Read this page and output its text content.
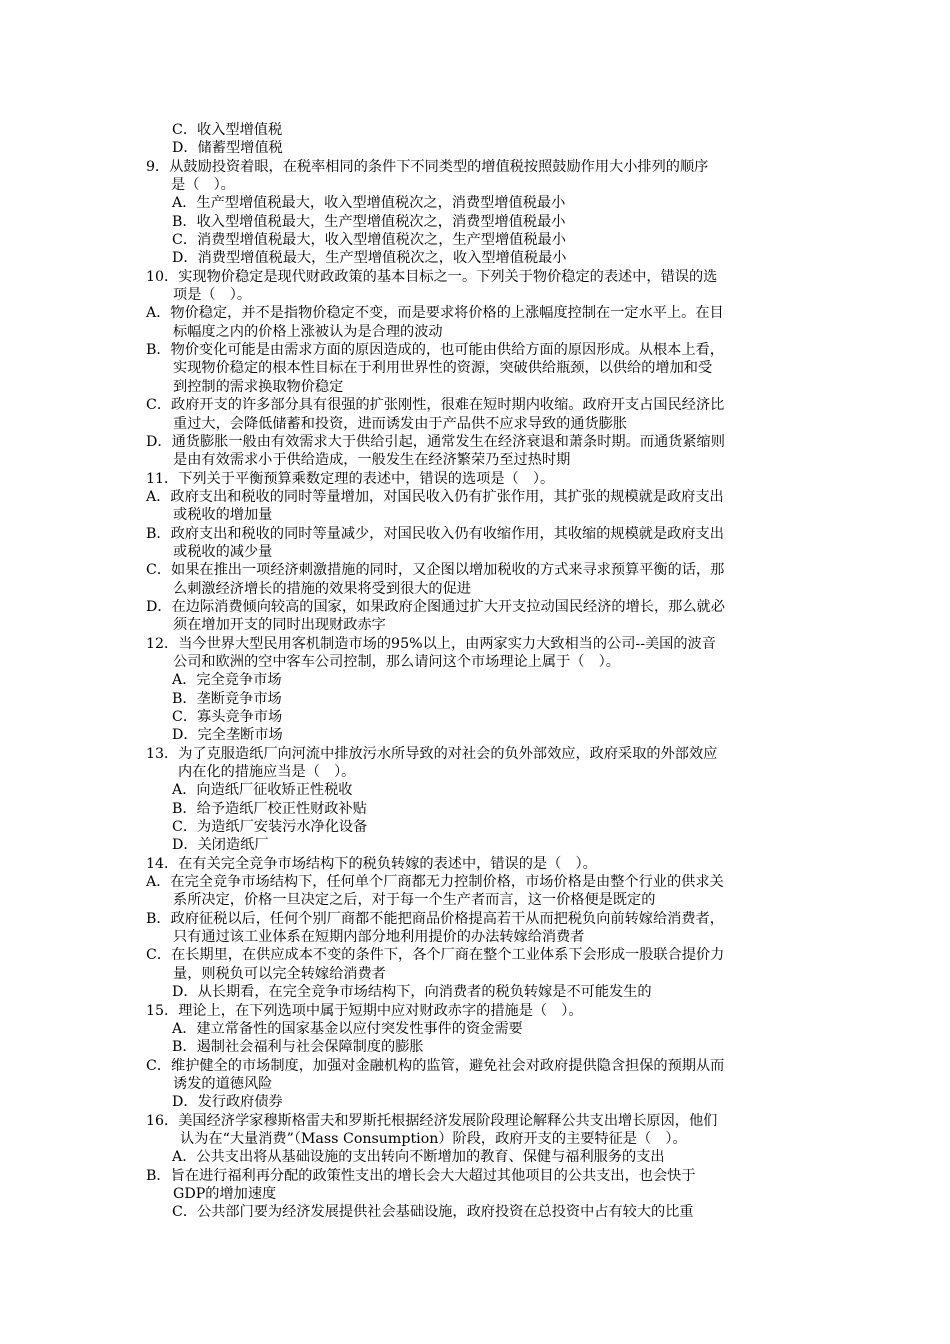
C．收入型增值税
D．储蓄型增值税
9．从鼓励投资着眼，在税率相同的条件下不同类型的增值税按照鼓励作用大小排列的顺序
是（　）。
A．生产型增值税最大，收入型增值税次之，消费型增值税最小
B．收入型增值税最大，生产型增值税次之，消费型增值税最小
C．消费型增值税最大，收入型增值税次之，生产型增值税最小
D．消费型增值税最大，生产型增值税次之，收入型增值税最小
10．实现物价稳定是现代财政政策的基本目标之一。下列关于物价稳定的表述中，错误的选
项是（　）。
A．物价稳定，并不是指物价稳定不变，而是要求将价格的上涨幅度控制在一定水平上。在目
标幅度之内的价格上涨被认为是合理的波动
B．物价变化可能是由需求方面的原因造成的，也可能由供给方面的原因形成。从根本上看，
实现物价稳定的根本性目标在于利用世界性的资源，突破供给瓶颈，以供给的增加和受
到控制的需求换取物价稳定
C．政府开支的许多部分具有很强的扩张刚性，很难在短时期内收缩。政府开支占国民经济比
重过大，会降低储蓄和投资，进而诱发由于产品供不应求导致的通货膨胀
D．通货膨胀一般由有效需求大于供给引起，通常发生在经济衰退和萧条时期。而通货紧缩则
是由有效需求小于供给造成，一般发生在经济繁荣乃至过热时期
11．下列关于平衡预算乘数定理的表述中，错误的选项是（　）。
A．政府支出和税收的同时等量增加，对国民收入仍有扩张作用，其扩张的规模就是政府支出
或税收的增加量
B．政府支出和税收的同时等量减少，对国民收入仍有收缩作用，其收缩的规模就是政府支出
或税收的减少量
C．如果在推出一项经济刺激措施的同时，又企图以增加税收的方式来寻求预算平衡的话，那
么刺激经济增长的措施的效果将受到很大的促进
D．在边际消费倾向较高的国家，如果政府企图通过扩大开支拉动国民经济的增长，那么就必
须在增加开支的同时出现财政赤字
12．当今世界大型民用客机制造市场的95%以上，由两家实力大致相当的公司--美国的波音
公司和欧洲的空中客车公司控制，那么请问这个市场理论上属于（　）。
A．完全竞争市场
B．垄断竞争市场
C．寡头竞争市场
D．完全垄断市场
13．为了克服造纸厂向河流中排放污水所导致的对社会的负外部效应，政府采取的外部效应
内在化的措施应当是（　）。
A．向造纸厂征收矫正性税收
B．给予造纸厂校正性财政补贴
C．为造纸厂安装污水净化设备
D．关闭造纸厂
14．在有关完全竞争市场结构下的税负转嫁的表述中，错误的是（　）。
A．在完全竞争市场结构下，任何单个厂商都无力控制价格，市场价格是由整个行业的供求关
系所决定，价格一旦决定之后，对于每一个生产者而言，这一价格便是既定的
B．政府征税以后，任何个别厂商都不能把商品价格提高若干从而把税负向前转嫁给消费者，
只有通过该工业体系在短期内部分地利用提价的办法转嫁给消费者
C．在长期里，在供应成本不变的条件下，各个厂商在整个工业体系下会形成一股联合提价力
量，则税负可以完全转嫁给消费者
D．从长期看，在完全竞争市场结构下，向消费者的税负转嫁是不可能发生的
15．理论上，在下列选项中属于短期中应对财政赤字的措施是（　）。
A．建立常备性的国家基金以应付突发性事件的资金需要
B．遏制社会福利与社会保障制度的膨胀
C．维护健全的市场制度，加强对金融机构的监管，避免社会对政府提供隐含担保的预期从而
诱发的道德风险
D．发行政府债券
16．美国经济学家穆斯格雷夫和罗斯托根据经济发展阶段理论解释公共支出增长原因，他们
认为在“大量消费”（Mass Consumption）阶段，政府开支的主要特征是（　）。
A．公共支出将从基础设施的支出转向不断增加的教育、保健与福利服务的支出
B．旨在进行福利再分配的政策性支出的增长会大大超过其他项目的公共支出，也会快于
GDP的增加速度
C．公共部门要为经济发展提供社会基础设施，政府投资在总投资中占有较大的比重
